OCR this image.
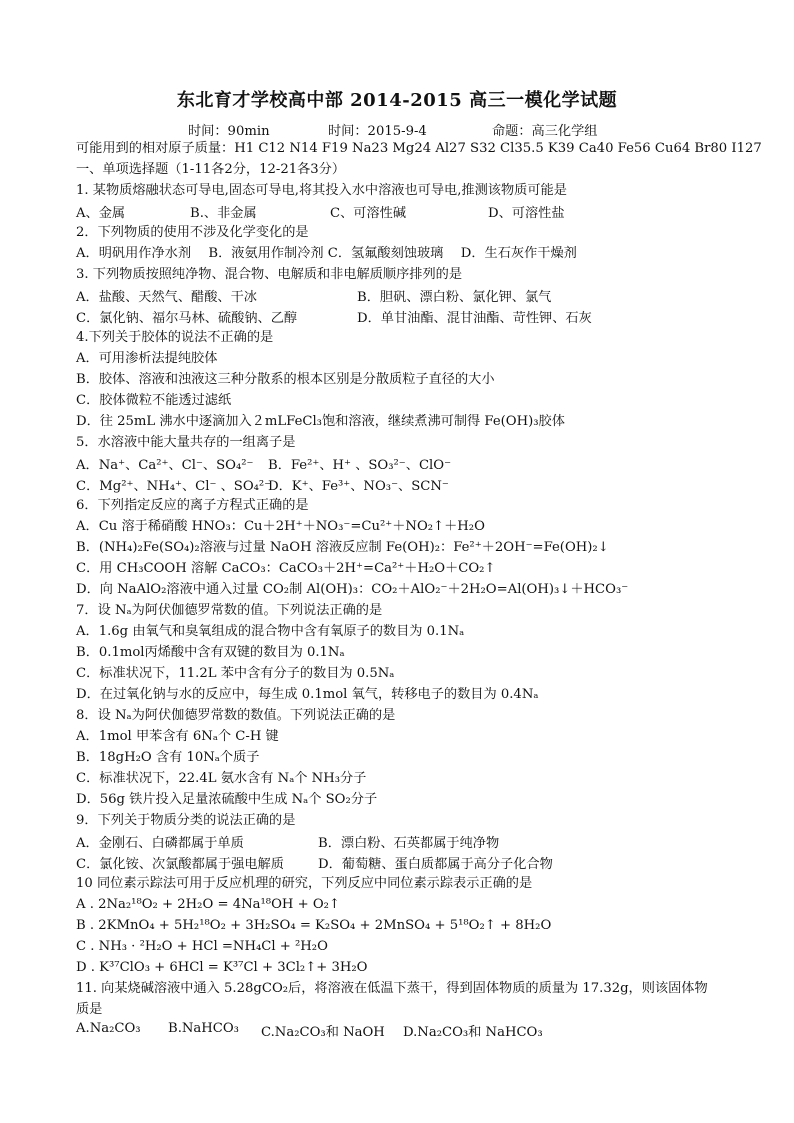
东北育才学校高中部 2014-2015 高三一模化学试题
时间：90min	时间：2015-9-4	命题：高三化学组
可能用到的相对原子质量：H1 C12 N14 F19 Na23 Mg24 Al27 S32 Cl35.5 K39 Ca40 Fe56 Cu64 Br80 I127
一、单项选择题（1-11各2分，12-21各3分）
1. 某物质熔融状态可导电,固态可导电,将其投入水中溶液也可导电,推测该物质可能是
A、金属	B.、非金属	C、可溶性碱	D、可溶性盐
2．下列物质的使用不涉及化学变化的是
A．明矾用作净水剂　 B．液氨用作制冷剂 C．氢氟酸刻蚀玻璃　 D．生石灰作干燥剂
3. 下列物质按照纯净物、混合物、电解质和非电解质顺序排列的是
A．盐酸、天然气、醋酸、干冰	B．胆矾、漂白粉、氯化钾、氯气
C．氯化钠、福尔马林、硫酸钠、乙醇	D．单甘油酯、混甘油酯、苛性钾、石灰
4.下列关于胶体的说法不正确的是
A．可用渗析法提纯胶体
B．胶体、溶液和浊液这三种分散系的根本区别是分散质粒子直径的大小
C．胶体微粒不能透过滤纸
D．往 25mL 沸水中逐滴加入２mLFeCl₃饱和溶液，继续煮沸可制得 Fe(OH)₃胶体
5．水溶液中能大量共存的一组离子是
A．Na⁺、Ca²⁺、Cl⁻、SO₄²⁻ B．Fe²⁺、H⁺ 、SO₃²⁻、ClO⁻
C．Mg²⁺、NH₄⁺、Cl⁻ 、SO₄²⁻
D．K⁺、Fe³⁺、NO₃⁻、SCN⁻
6．下列指定反应的离子方程式正确的是
A．Cu 溶于稀硝酸 HNO₃：Cu＋2H⁺＋NO₃⁻=Cu²⁺＋NO₂↑＋H₂O
B．(NH₄)₂Fe(SO₄)₂溶液与过量 NaOH 溶液反应制 Fe(OH)₂：Fe²⁺＋2OH⁻=Fe(OH)₂↓
C．用 CH₃COOH 溶解 CaCO₃：CaCO₃＋2H⁺=Ca²⁺＋H₂O＋CO₂↑
D．向 NaAlO₂溶液中通入过量 CO₂制 Al(OH)₃：CO₂＋AlO₂⁻＋2H₂O=Al(OH)₃↓＋HCO₃⁻
7．设 Nₐ为阿伏伽德罗常数的值。下列说法正确的是
A．1.6g 由氧气和臭氧组成的混合物中含有氧原子的数目为 0.1Nₐ
B．0.1mol丙烯酸中含有双键的数目为 0.1Nₐ
C．标准状况下，11.2L 苯中含有分子的数目为 0.5Nₐ
D．在过氧化钠与水的反应中，每生成 0.1mol 氧气，转移电子的数目为 0.4Nₐ
8．设 Nₐ为阿伏伽德罗常数的数值。下列说法正确的是
A．1mol 甲苯含有 6Nₐ个 C-H 键
B．18gH₂O 含有 10Nₐ个质子
C．标准状况下，22.4L 氨水含有 Nₐ个 NH₃分子
D．56g 铁片投入足量浓硫酸中生成 Nₐ个 SO₂分子
9．下列关于物质分类的说法正确的是
A．金刚石、白磷都属于单质	B．漂白粉、石英都属于纯净物
C．氯化铵、次氯酸都属于强电解质	D．葡萄糖、蛋白质都属于高分子化合物
10 同位素示踪法可用于反应机理的研究，下列反应中同位素示踪表示正确的是
A . 2Na₂¹⁸O₂ + 2H₂O = 4Na¹⁸OH + O₂↑
B . 2KMnO₄ + 5H₂¹⁸O₂ + 3H₂SO₄ = K₂SO₄ + 2MnSO₄ + 5¹⁸O₂↑ + 8H₂O
C . NH₃ · ²H₂O + HCl =NH₄Cl + ²H₂O
D . K³⁷ClO₃ + 6HCl = K³⁷Cl + 3Cl₂↑+ 3H₂O
11. 向某烧碱溶液中通入 5.28gCO₂后，将溶液在低温下蒸干，得到固体物质的质量为 17.32g，则该固体物
质是
A.Na₂CO₃ B.NaHCO₃ C.Na₂CO₃和 NaOH D.Na₂CO₃和 NaHCO₃
